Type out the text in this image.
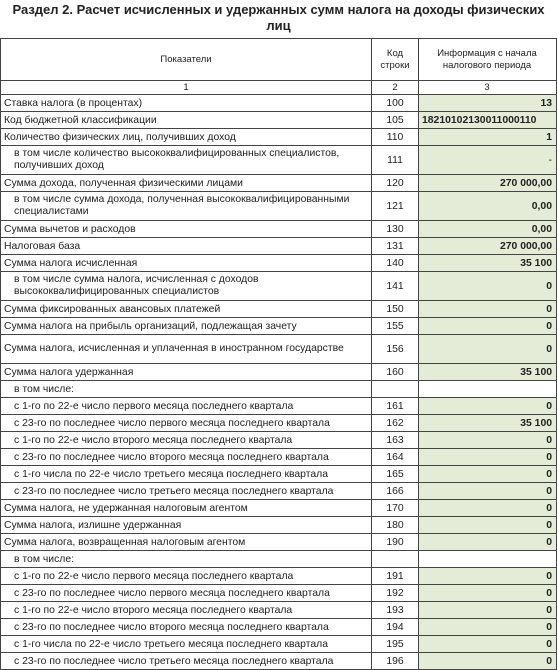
Раздел 2. Расчет исчисленных и удержанных сумм налога на доходы физических лиц
Показатели	Код строки	Информация с начала налогового периода
1	2	3
Ставка налога (в процентах)	100	13
Код бюджетной классификации	105	18210102130011000110
Количество физических лиц, получивших доход	110	1
в том числе количество высококвалифицированных специалистов, получивших доход	111	-
Сумма дохода, полученная физическими лицами	120	270 000,00
в том числе сумма дохода, полученная высококвалифицированными специалистами	121	0,00
Сумма вычетов и расходов	130	0,00
Налоговая база	131	270 000,00
Сумма налога исчисленная	140	35 100
в том числе сумма налога, исчисленная с доходов высококвалифицированных специалистов	141	0
Сумма фиксированных авансовых платежей	150	0
Сумма налога на прибыль организаций, подлежащая зачету	155	0
Сумма налога, исчисленная и уплаченная в иностранном государстве	156	0
Сумма налога удержанная	160	35 100
в том числе:		
с 1-го по 22-е число первого месяца последнего квартала	161	0
с 23-го по последнее число первого месяца последнего квартала	162	35 100
с 1-го по 22-е число второго месяца последнего квартала	163	0
с 23-го по последнее число второго месяца последнего квартала	164	0
с 1-го числа по 22-е число третьего месяца последнего квартала	165	0
с 23-го по последнее число третьего месяца последнего квартала	166	0
Сумма налога, не удержанная налоговым агентом	170	0
Сумма налога, излишне удержанная	180	0
Сумма налога, возвращенная налоговым агентом	190	0
в том числе:		
с 1-го по 22-е число первого месяца последнего квартала	191	0
с 23-го по последнее число первого месяца последнего квартала	192	0
с 1-го по 22-е число второго месяца последнего квартала	193	0
с 23-го по последнее число второго месяца последнего квартала	194	0
с 1-го числа по 22-е число третьего месяца последнего квартала	195	0
с 23-го по последнее число третьего месяца последнего квартала	196	0
